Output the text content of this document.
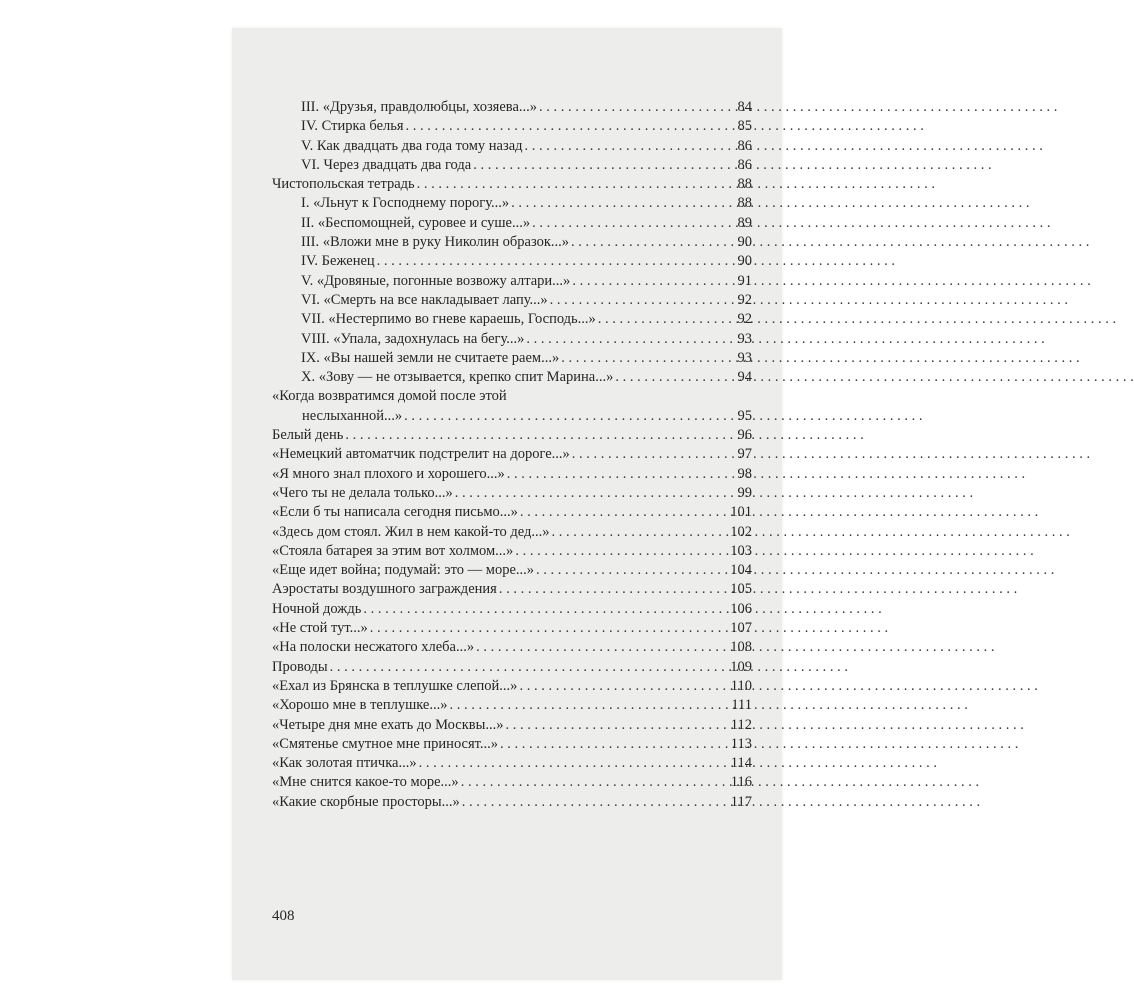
III. «Друзья, правдолюбцы, хозяева...» . . .	84
IV. Стирка белья . . .	85
V. Как двадцать два года тому назад . . .	86
VI. Через двадцать два года . . .	86
Чистопольская тетрадь . . .	88
I. «Льнут к Господнему порогу...» . . .	88
II. «Беспомощней, суровее и суше...» . . .	89
III. «Вложи мне в руку Николин образок...» . . .	90
IV. Беженец . . .	90
V. «Дровяные, погонные возвожу алтари...» . . .	91
VI. «Смерть на все накладывает лапу...» . . .	92
VII. «Нестерпимо во гневе караешь, Господь...» . . .	92
VIII. «Упала, задохнулась на бегу...» . . .	93
IX. «Вы нашей земли не считаете раем...» . . .	93
X. «Зову — не отзывается, крепко спит Марина...» . . .	94
«Когда возвратимся домой после этой
неслыханной...» . . .	95
Белый день . . .	96
«Немецкий автоматчик подстрелит на дороге...» . . .	97
«Я много знал плохого и хорошего...» . . .	98
«Чего ты не делала только...» . . .	99
«Если б ты написала сегодня письмо...» . . .	101
«Здесь дом стоял. Жил в нем какой-то дед...» . . .	102
«Стояла батарея за этим вот холмом...» . . .	103
«Еще идет война; подумай: это — море...» . . .	104
Аэростаты воздушного заграждения . . .	105
Ночной дождь . . .	106
«Не стой тут...» . . .	107
«На полоски несжатого хлеба...» . . .	108
Проводы . . .	109
«Ехал из Брянска в теплушке слепой...» . . .	110
«Хорошо мне в теплушке...» . . .	111
«Четыре дня мне ехать до Москвы...» . . .	112
«Смятенье смутное мне приносят...» . . .	113
«Как золотая птичка...» . . .	114
«Мне снится какое-то море...» . . .	116
«Какие скорбные просторы...» . . .	117
408
